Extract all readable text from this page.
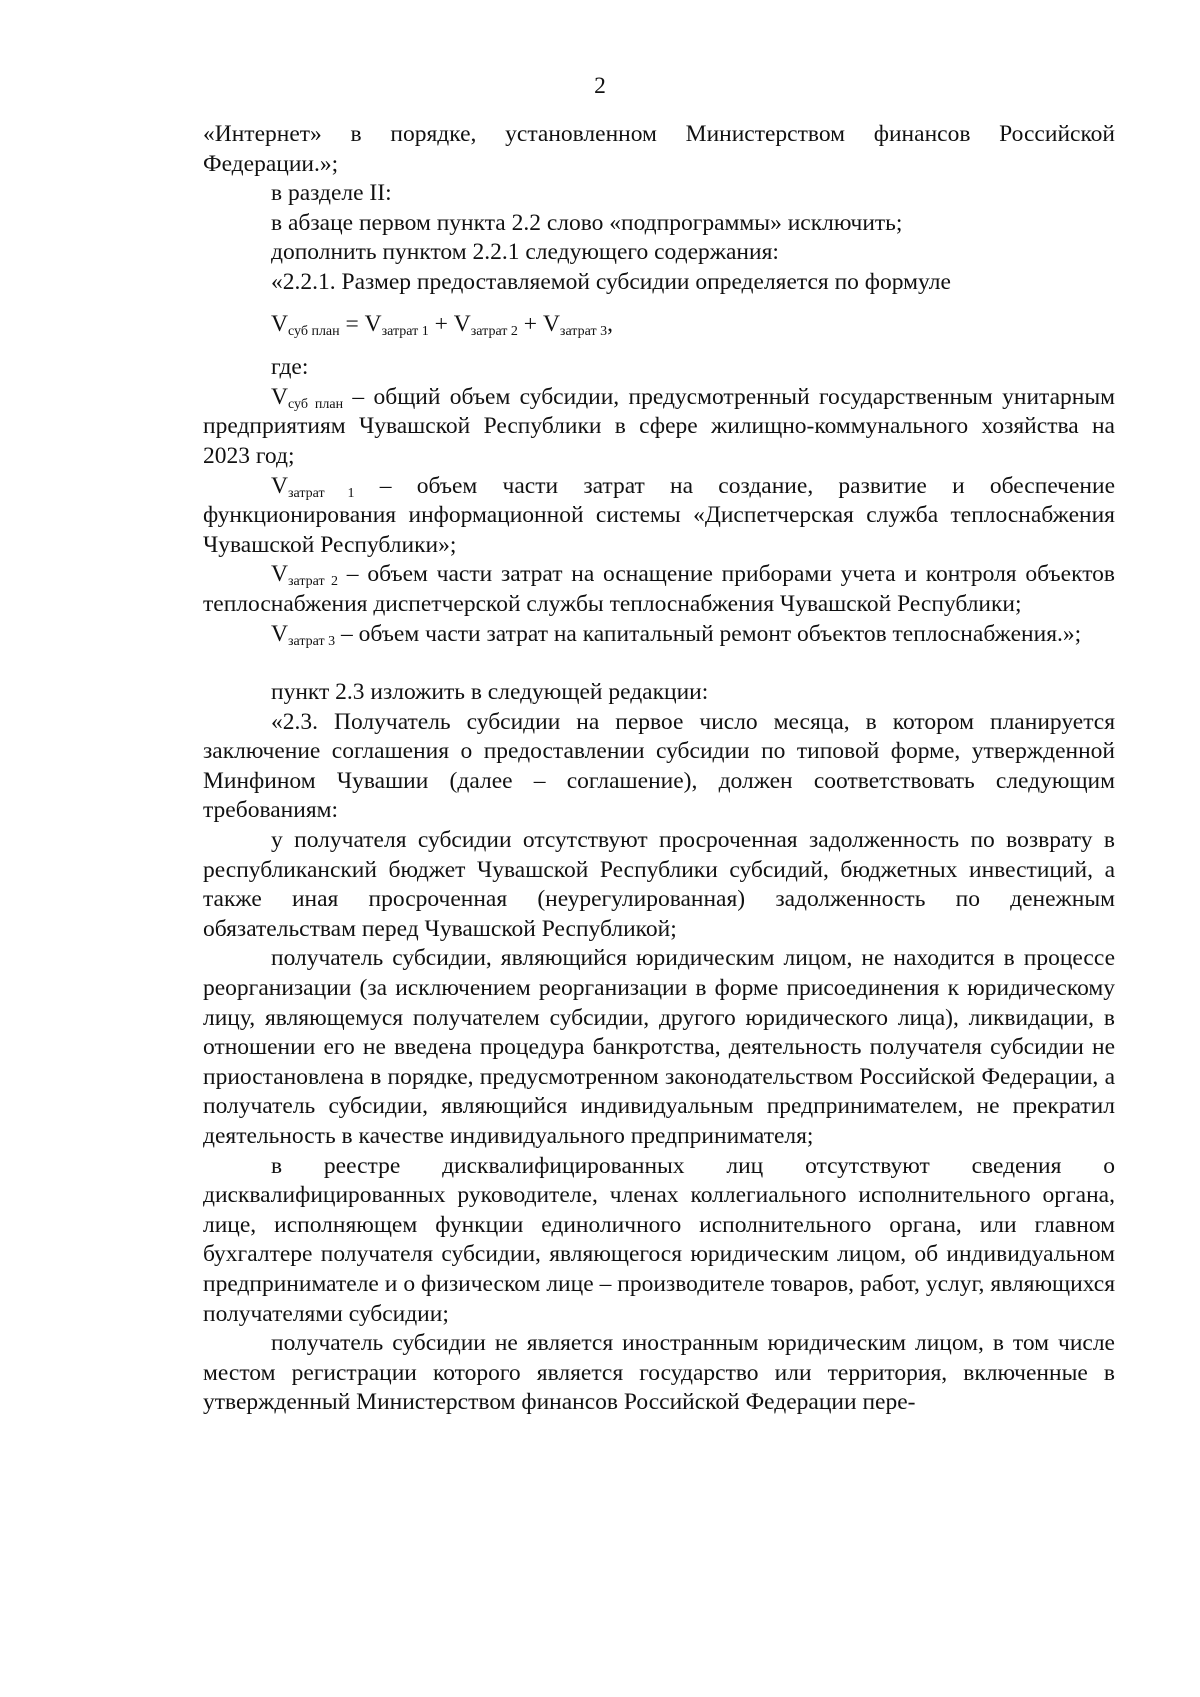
2

«Интернет» в порядке, установленном Министерством финансов Российской Федерации.»;

в разделе II:

в абзаце первом пункта 2.2 слово «подпрограммы» исключить;

дополнить пунктом 2.2.1 следующего содержания:

«2.2.1. Размер предоставляемой субсидии определяется по формуле

$V_{суб план} = V_{затрат 1} + V_{затрат 2} + V_{затрат 3}$,

где:

$V_{суб план}$ – общий объем субсидии, предусмотренный государственным унитарным предприятиям Чувашской Республики в сфере жилищно-коммунального хозяйства на 2023 год;

$V_{затрат 1}$ – объем части затрат на создание, развитие и обеспечение функционирования информационной системы «Диспетчерская служба теплоснабжения Чувашской Республики»;

$V_{затрат 2}$ – объем части затрат на оснащение приборами учета и контроля объектов теплоснабжения диспетчерской службы теплоснабжения Чувашской Республики;

$V_{затрат 3}$ – объем части затрат на капитальный ремонт объектов теплоснабжения.»;

пункт 2.3 изложить в следующей редакции:

«2.3. Получатель субсидии на первое число месяца, в котором планируется заключение соглашения о предоставлении субсидии по типовой форме, утвержденной Минфином Чувашии (далее – соглашение), должен соответствовать следующим требованиям:

у получателя субсидии отсутствуют просроченная задолженность по возврату в республиканский бюджет Чувашской Республики субсидий, бюджетных инвестиций, а также иная просроченная (неурегулированная) задолженность по денежным обязательствам перед Чувашской Республикой;

получатель субсидии, являющийся юридическим лицом, не находится в процессе реорганизации (за исключением реорганизации в форме присоединения к юридическому лицу, являющемуся получателем субсидии, другого юридического лица), ликвидации, в отношении его не введена процедура банкротства, деятельность получателя субсидии не приостановлена в порядке, предусмотренном законодательством Российской Федерации, а получатель субсидии, являющийся индивидуальным предпринимателем, не прекратил деятельность в качестве индивидуального предпринимателя;

в реестре дисквалифицированных лиц отсутствуют сведения о дисквалифицированных руководителе, членах коллегиального исполнительного органа, лице, исполняющем функции единоличного исполнительного органа, или главном бухгалтере получателя субсидии, являющегося юридическим лицом, об индивидуальном предпринимателе и о физическом лице – производителе товаров, работ, услуг, являющихся получателями субсидии;

получатель субсидии не является иностранным юридическим лицом, в том числе местом регистрации которого является государство или территория, включенные в утвержденный Министерством финансов Российской Федерации пере-
